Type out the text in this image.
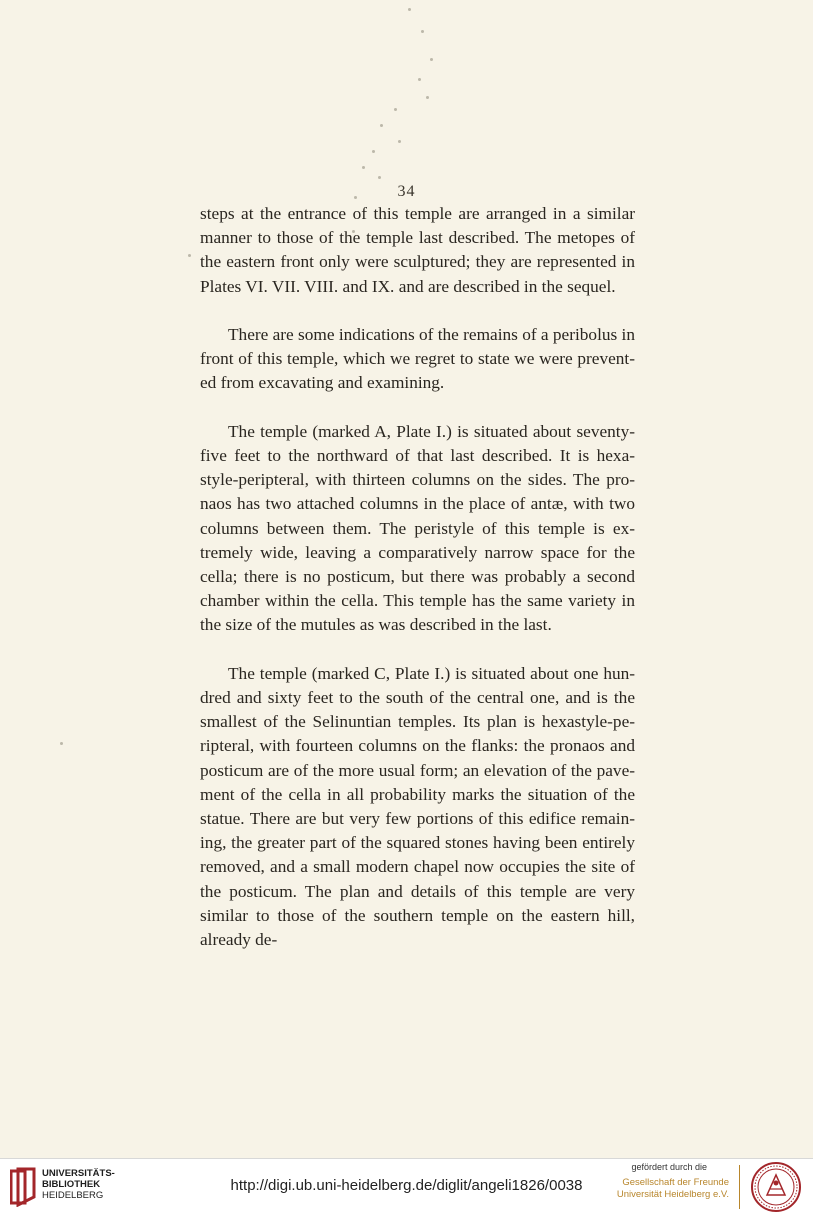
34

steps at the entrance of this temple are arranged in a similar manner to those of the temple last described. The metopes of the eastern front only were sculptured; they are represented in Plates VI. VII. VIII. and IX. and are described in the sequel.

There are some indications of the remains of a peribolus in front of this temple, which we regret to state we were prevent-ed from excavating and examining.

The temple (marked A, Plate I.) is situated about seventy-five feet to the northward of that last described. It is hexa-style-peripteral, with thirteen columns on the sides. The pro-naos has two attached columns in the place of antæ, with two columns between them. The peristyle of this temple is ex-tremely wide, leaving a comparatively narrow space for the cella; there is no posticum, but there was probably a second chamber within the cella. This temple has the same variety in the size of the mutules as was described in the last.

The temple (marked C, Plate I.) is situated about one hun-dred and sixty feet to the south of the central one, and is the smallest of the Selinuntian temples. Its plan is hexastyle-pe-ripteral, with fourteen columns on the flanks: the pronaos and posticum are of the more usual form; an elevation of the pave-ment of the cella in all probability marks the situation of the statue. There are but very few portions of this edifice remain-ing, the greater part of the squared stones having been entirely removed, and a small modern chapel now occupies the site of the posticum. The plan and details of this temple are very similar to those of the southern temple on the eastern hill, already de-

UNIVERSITÄTS-
BIBLIOTHEK
HEIDELBERG
http://digi.ub.uni-heidelberg.de/diglit/angeli1826/0038
gefördert durch die
Gesellschaft der Freunde
Universität Heidelberg e.V.
